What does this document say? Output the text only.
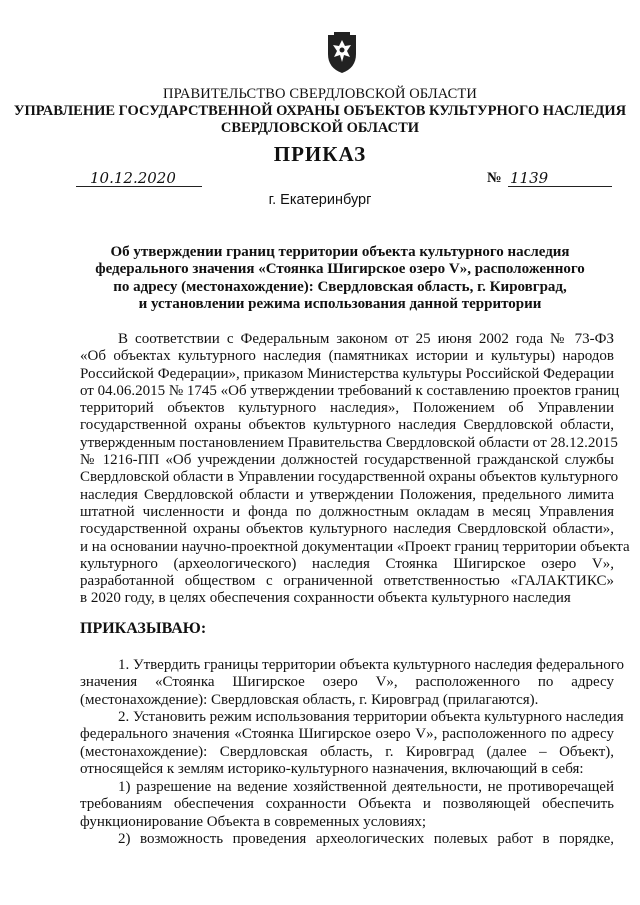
ПРАВИТЕЛЬСТВО СВЕРДЛОВСКОЙ ОБЛАСТИ
УПРАВЛЕНИЕ ГОСУДАРСТВЕННОЙ ОХРАНЫ ОБЪЕКТОВ КУЛЬТУРНОГО НАСЛЕДИЯ
СВЕРДЛОВСКОЙ ОБЛАСТИ
ПРИКАЗ
10.12.2020	№ 1139
г. Екатеринбург
Об утверждении границ территории объекта культурного наследия
федерального значения «Стоянка Шигирское озеро V», расположенного
по адресу (местонахождение): Свердловская область, г. Кировград,
и установлении режима использования данной территории
В соответствии с Федеральным законом от 25 июня 2002 года № 73-ФЗ
«Об объектах культурного наследия (памятниках истории и культуры) народов
Российской Федерации», приказом Министерства культуры Российской Федерации
от 04.06.2015 № 1745 «Об утверждении требований к составлению проектов границ
территорий объектов культурного наследия», Положением об Управлении
государственной охраны объектов культурного наследия Свердловской области,
утвержденным постановлением Правительства Свердловской области от 28.12.2015
№ 1216-ПП «Об учреждении должностей государственной гражданской службы
Свердловской области в Управлении государственной охраны объектов культурного
наследия Свердловской области и утверждении Положения, предельного лимита
штатной численности и фонда по должностным окладам в месяц Управления
государственной охраны объектов культурного наследия Свердловской области»,
и на основании научно-проектной документации «Проект границ территории объекта
культурного (археологического) наследия Стоянка Шигирское озеро V»,
разработанной обществом с ограниченной ответственностью «ГАЛАКТИКС»
в 2020 году, в целях обеспечения сохранности объекта культурного наследия
ПРИКАЗЫВАЮ:
1. Утвердить границы территории объекта культурного наследия федерального
значения «Стоянка Шигирское озеро V», расположенного по адресу
(местонахождение): Свердловская область, г. Кировград (прилагаются).
2. Установить режим использования территории объекта культурного наследия
федерального значения «Стоянка Шигирское озеро V», расположенного по адресу
(местонахождение): Свердловская область, г. Кировград (далее – Объект),
относящейся к землям историко-культурного назначения, включающий в себя:
1) разрешение на ведение хозяйственной деятельности, не противоречащей
требованиям обеспечения сохранности Объекта и позволяющей обеспечить
функционирование Объекта в современных условиях;
2) возможность проведения археологических полевых работ в порядке,
